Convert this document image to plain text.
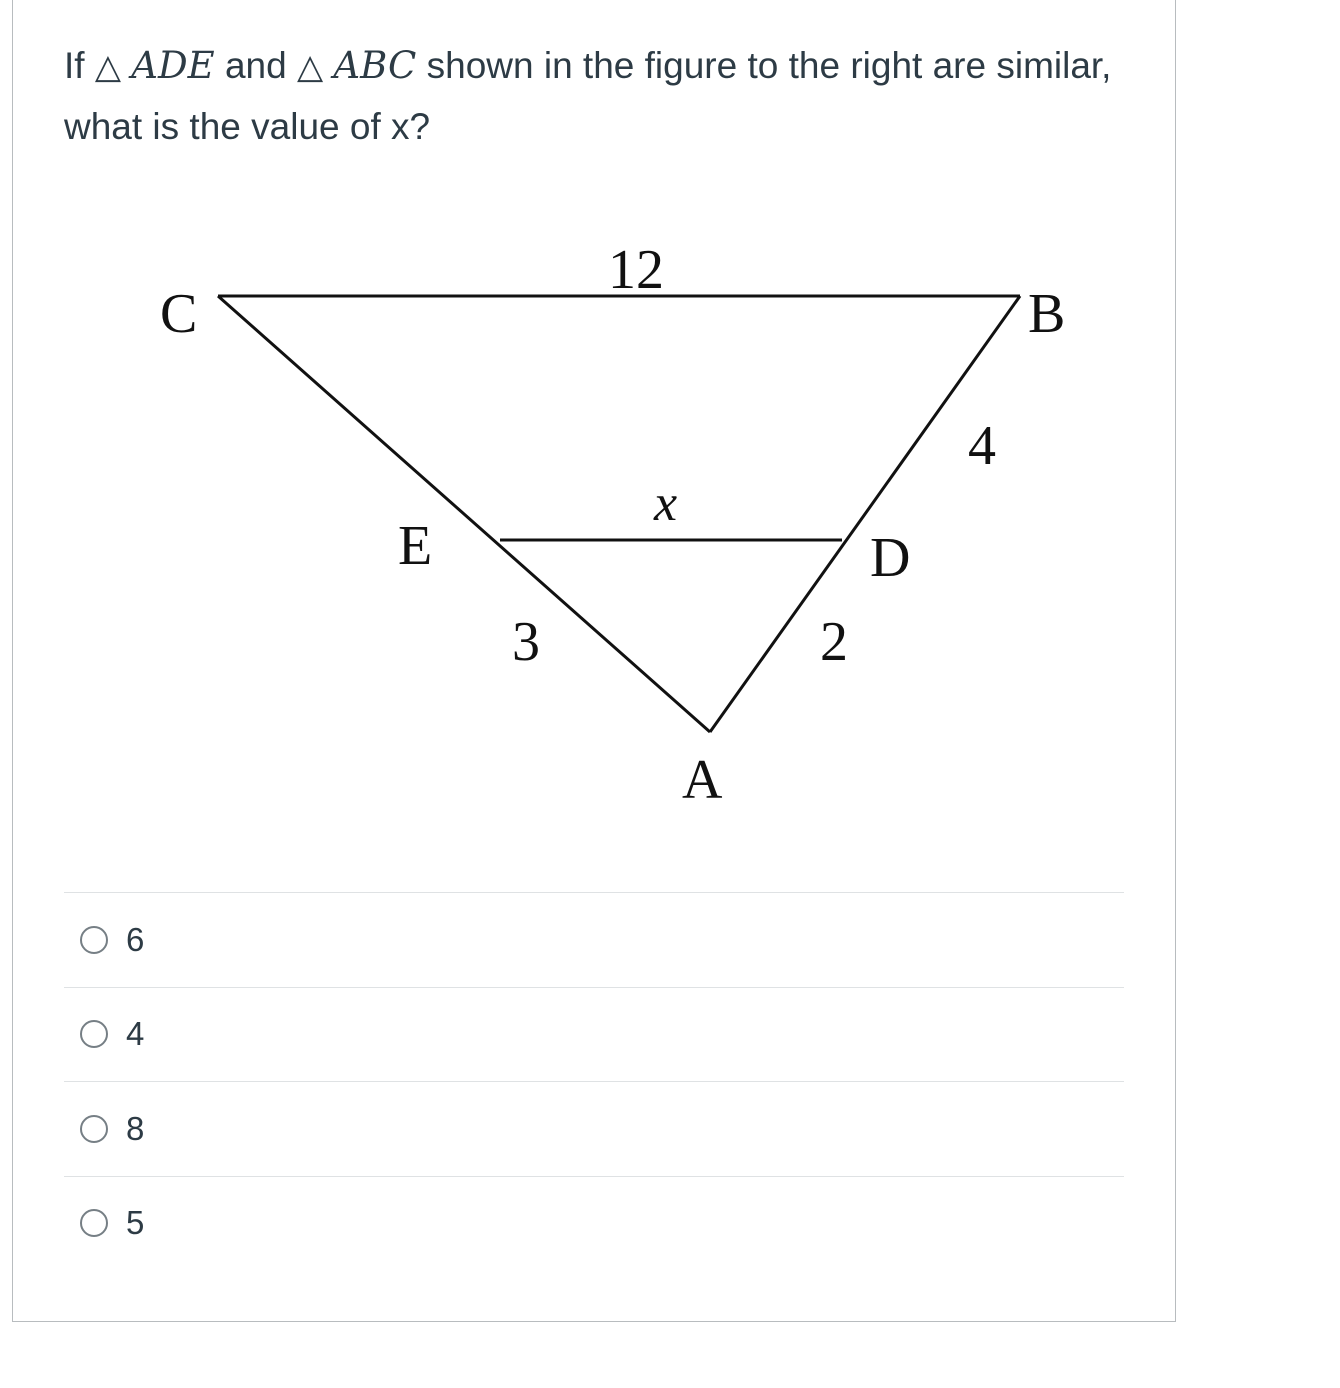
If △ ADE and △ ABC shown in the figure to the right are similar, what is the value of x?
C	B
E	D
A
12
x
4
2
3
6
4
8
5
